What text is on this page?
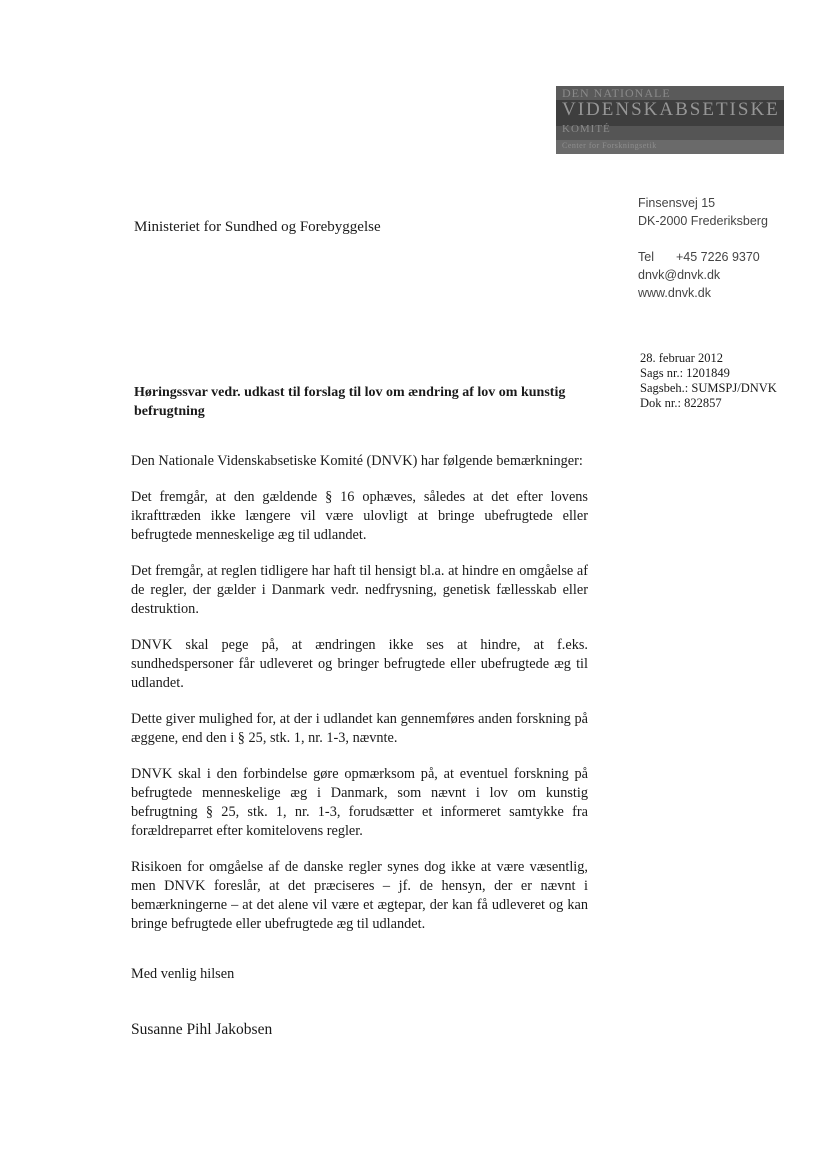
DEN NATIONALE
VIDENSKABSETISKE
KOMITÉ
Center for Forskningsetik
Finsensvej 15
DK-2000 Frederiksberg
Tel +45 7226 9370
dnvk@dnvk.dk
www.dnvk.dk
Ministeriet for Sundhed og Forebyggelse
28. februar 2012
Sags nr.: 1201849
Sagsbeh.: SUMSPJ/DNVK
Dok nr.: 822857
Høringssvar vedr. udkast til forslag til lov om ændring af lov om kunstig befrugtning

Den Nationale Videnskabsetiske Komité (DNVK) har følgende bemærkninger:

Det fremgår, at den gældende § 16 ophæves, således at det efter lovens ikrafttræden ikke længere vil være ulovligt at bringe ubefrugtede eller befrugtede menneskelige æg til udlandet.

Det fremgår, at reglen tidligere har haft til hensigt bl.a. at hindre en omgåelse af de regler, der gælder i Danmark vedr. nedfrysning, genetisk fællesskab eller destruktion.

DNVK skal pege på, at ændringen ikke ses at hindre, at f.eks. sundhedspersoner får udleveret og bringer befrugtede eller ubefrugtede æg til udlandet.

Dette giver mulighed for, at der i udlandet kan gennemføres anden forskning på æggene, end den i § 25, stk. 1, nr. 1-3, nævnte.

DNVK skal i den forbindelse gøre opmærksom på, at eventuel forskning på befrugtede menneskelige æg i Danmark, som nævnt i lov om kunstig befrugtning § 25, stk. 1, nr. 1-3, forudsætter et informeret samtykke fra forældreparret efter komitelovens regler.

Risikoen for omgåelse af de danske regler synes dog ikke at være væsentlig, men DNVK foreslår, at det præciseres – jf. de hensyn, der er nævnt i bemærkningerne – at det alene vil være et ægtepar, der kan få udleveret og kan bringe befrugtede eller ubefrugtede æg til udlandet.

Med venlig hilsen
Susanne Pihl Jakobsen
